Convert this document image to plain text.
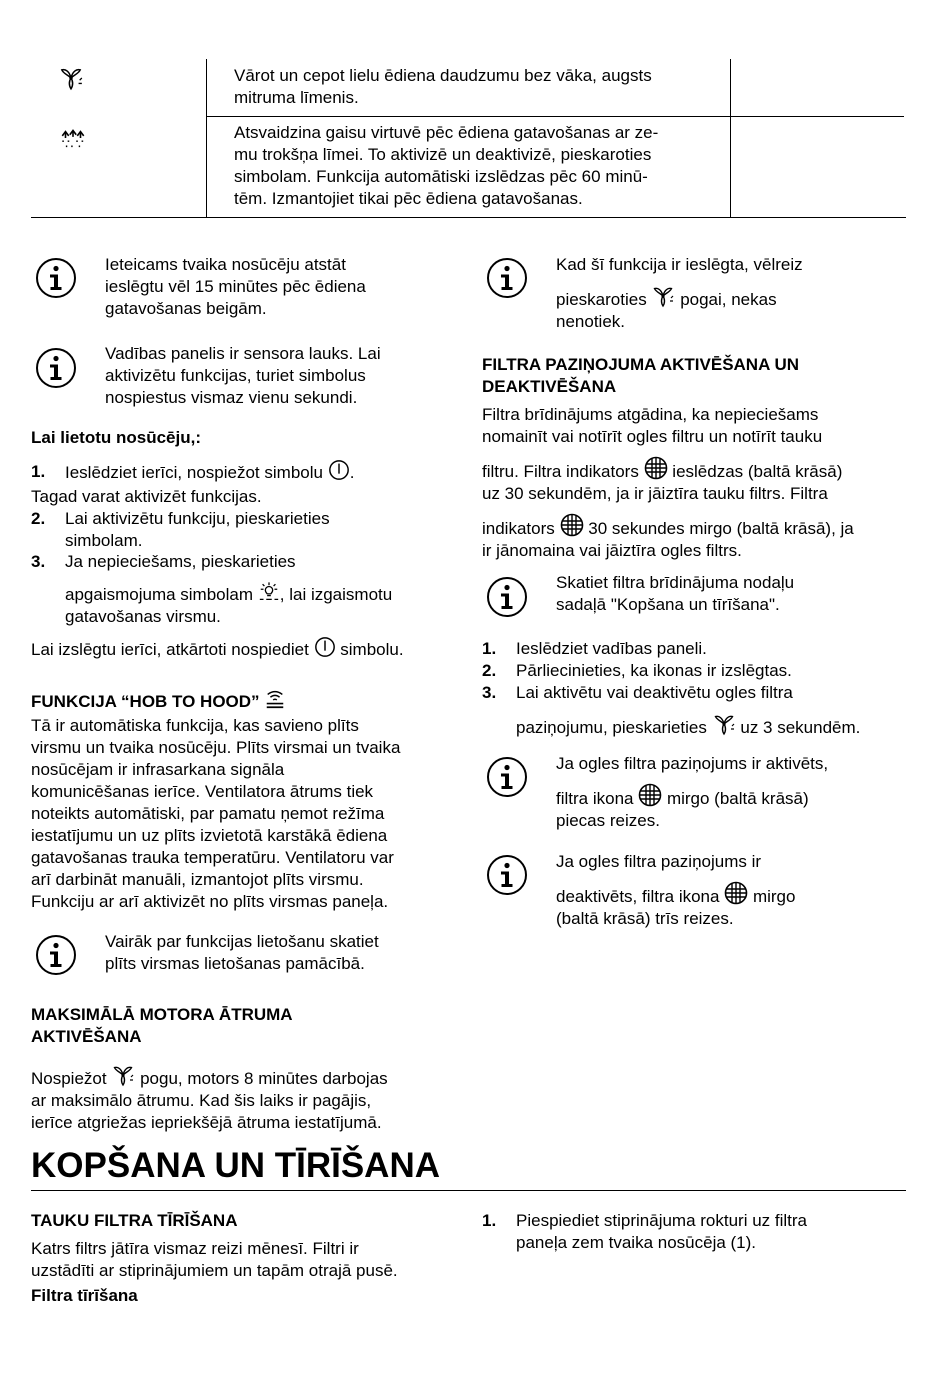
Vārot un cepot lielu ēdiena daudzumu bez vāka, augsts

mitruma līmenis.

Atsvaidzina gaisu virtuvē pēc ēdiena gatavošanas ar ze-

mu trokšņa līmei. To aktivizē un deaktivizē, pieskaroties

simbolam. Funkcija automātiski izslēdzas pēc 60 minū-

tēm. Izmantojiet tikai pēc ēdiena gatavošanas.

Ieteicams tvaika nosūcēju atstāt

ieslēgtu vēl 15 minūtes pēc ēdiena

gatavošanas beigām.

Vadības panelis ir sensora lauks. Lai

aktivizētu funkcijas, turiet simbolus

nospiestus vismaz vienu sekundi.

Lai lietotu nosūcēju,:
1. Ieslēdziet ierīci, nospiežot simbolu .
Tagad varat aktivizēt funkcijas.
2. Lai aktivizētu funkciju, pieskarieties

simbolam.

3. Ja nepieciešams, pieskarieties

apgaismojuma simbolam , lai izgaismotu

gatavošanas virsmu.

Lai izslēgtu ierīci, atkārtoti nospiediet simbolu.
FUNKCIJA “HOB TO HOOD”

Tā ir automātiska funkcija, kas savieno plīts

virsmu un tvaika nosūcēju. Plīts virsmai un tvaika

nosūcējam ir infrasarkana signāla

komunicēšanas ierīce. Ventilatora ātrums tiek

noteikts automātiski, par pamatu ņemot režīma

iestatījumu un uz plīts izvietotā karstākā ēdiena

gatavošanas trauka temperatūru. Ventilatoru var

arī darbināt manuāli, izmantojot plīts virsmu.

Funkciju ar arī aktivizēt no plīts virsmas paneļa.

Vairāk par funkcijas lietošanu skatiet

plīts virsmas lietošanas pamācībā.

MAKSIMĀLĀ MOTORA ĀTRUMA

AKTIVĒŠANA

Nospiežot pogu, motors 8 minūtes darbojas

ar maksimālo ātrumu. Kad šis laiks ir pagājis,

ierīce atgriežas iepriekšējā ātruma iestatījumā.

Kad šī funkcija ir ieslēgta, vēlreiz

pieskaroties pogai, nekas

nenotiek.

FILTRA PAZIŅOJUMA AKTIVĒŠANA UN

DEAKTIVĒŠANA

Filtra brīdinājums atgādina, ka nepieciešams

nomainīt vai notīrīt ogles filtru un notīrīt tauku

filtru. Filtra indikators ieslēdzas (baltā krāsā)

uz 30 sekundēm, ja ir jāiztīra tauku filtrs. Filtra

indikators 30 sekundes mirgo (baltā krāsā), ja

ir jānomaina vai jāiztīra ogles filtrs.

Skatiet filtra brīdinājuma nodaļu

sadaļā "Kopšana un tīrīšana".

1. Ieslēdziet vadības paneli.
2. Pārliecinieties, ka ikonas ir izslēgtas.
3. Lai aktivētu vai deaktivētu ogles filtra

paziņojumu, pieskarieties uz 3 sekundēm.

Ja ogles filtra paziņojums ir aktivēts,

filtra ikona mirgo (baltā krāsā)

piecas reizes.

Ja ogles filtra paziņojums ir

deaktivēts, filtra ikona mirgo

(baltā krāsā) trīs reizes.

KOPŠANA UN TĪRĪŠANA
TAUKU FILTRA TĪRĪŠANA

Katrs filtrs jātīra vismaz reizi mēnesī. Filtri ir

uzstādīti ar stiprinājumiem un tapām otrajā pusē.

Filtra tīrīšana
1. Piespiediet stiprinājuma rokturi uz filtra

paneļa zem tvaika nosūcēja (1).
